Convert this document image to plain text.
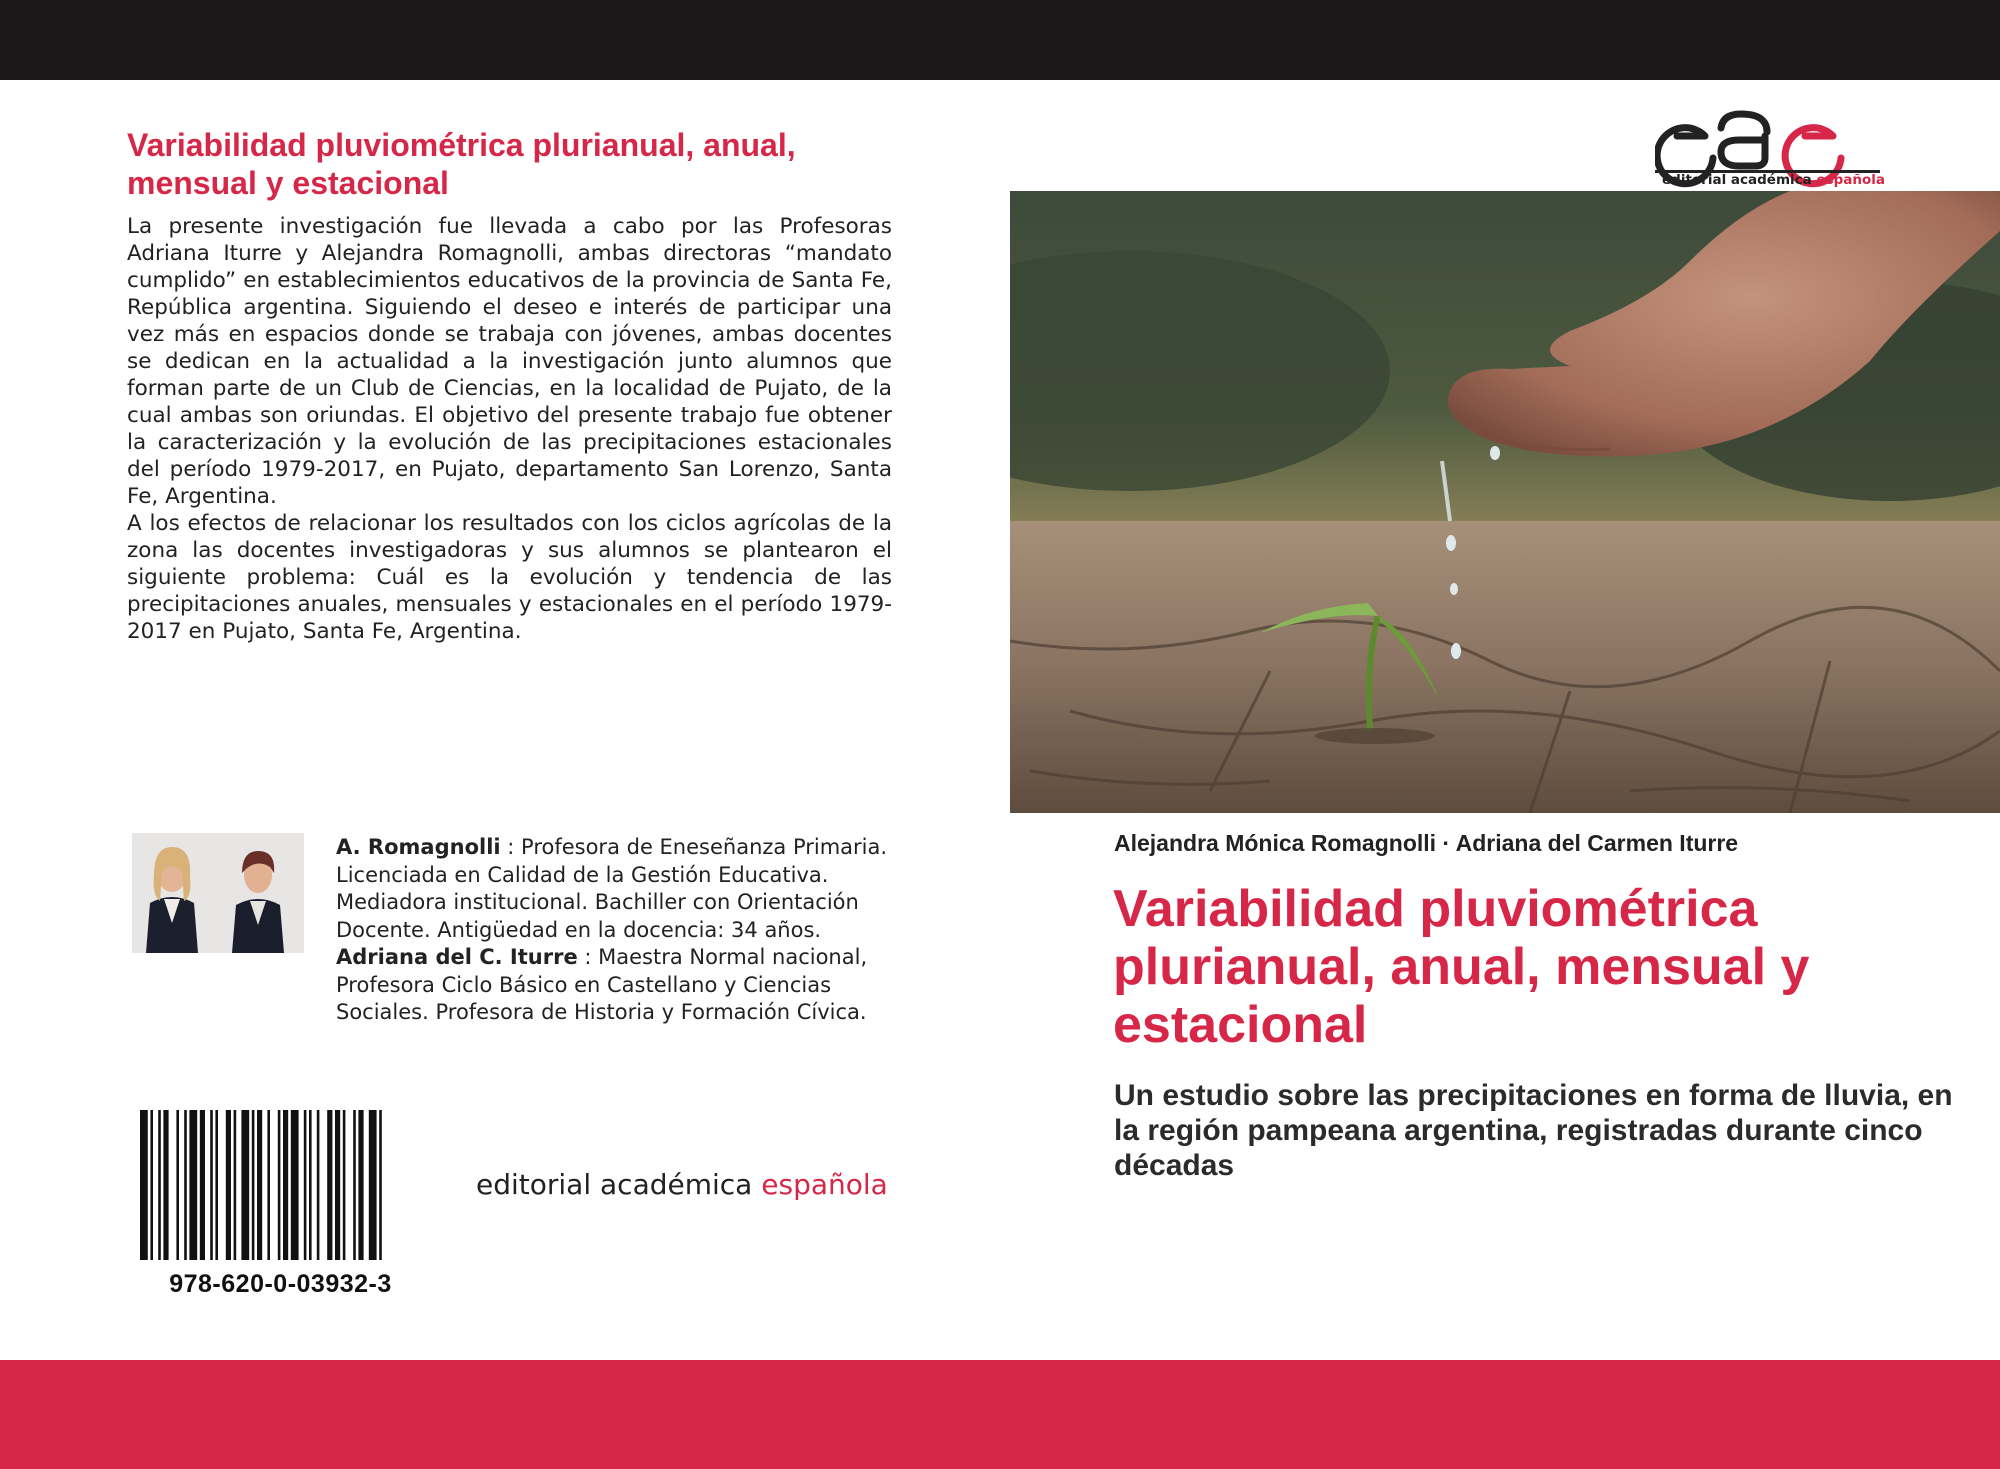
Variabilidad pluviométrica plurianual, anual, mensual y estacional

La presente investigación fue llevada a cabo por las Profesoras Adriana Iturre y Alejandra Romagnolli, ambas directoras “mandato cumplido” en establecimientos educativos de la provincia de Santa Fe, República argentina. Siguiendo el deseo e interés de participar una vez más en espacios donde se trabaja con jóvenes, ambas docentes se dedican en la actualidad a la investigación junto alumnos que forman parte de un Club de Ciencias, en la localidad de Pujato, de la cual ambas son oriundas. El objetivo del presente trabajo fue obtener la caracterización y la evolución de las precipitaciones estacionales del período 1979-2017, en Pujato, departamento San Lorenzo, Santa Fe, Argentina.

A los efectos de relacionar los resultados con los ciclos agrícolas de la zona las docentes investigadoras y sus alumnos se plantearon el siguiente problema: Cuál es la evolución y tendencia de las precipitaciones anuales, mensuales y estacionales en el período 1979-2017 en Pujato, Santa Fe, Argentina.

A. Romagnolli : Profesora de Eneseñanza Primaria. Licenciada en Calidad de la Gestión Educativa. Mediadora institucional. Bachiller con Orientación Docente. Antigüedad en la docencia: 34 años. Adriana del C. Iturre : Maestra Normal nacional, Profesora Ciclo Básico en Castellano y Ciencias Sociales. Profesora de Historia y Formación Cívica.

978-620-0-03932-3
editorial académica española
editorial académica española
Alejandra Mónica Romagnolli · Adriana del Carmen Iturre
Variabilidad pluviométrica plurianual, anual, mensual y estacional
Un estudio sobre las precipitaciones en forma de lluvia, en la región pampeana argentina, registradas durante cinco décadas
